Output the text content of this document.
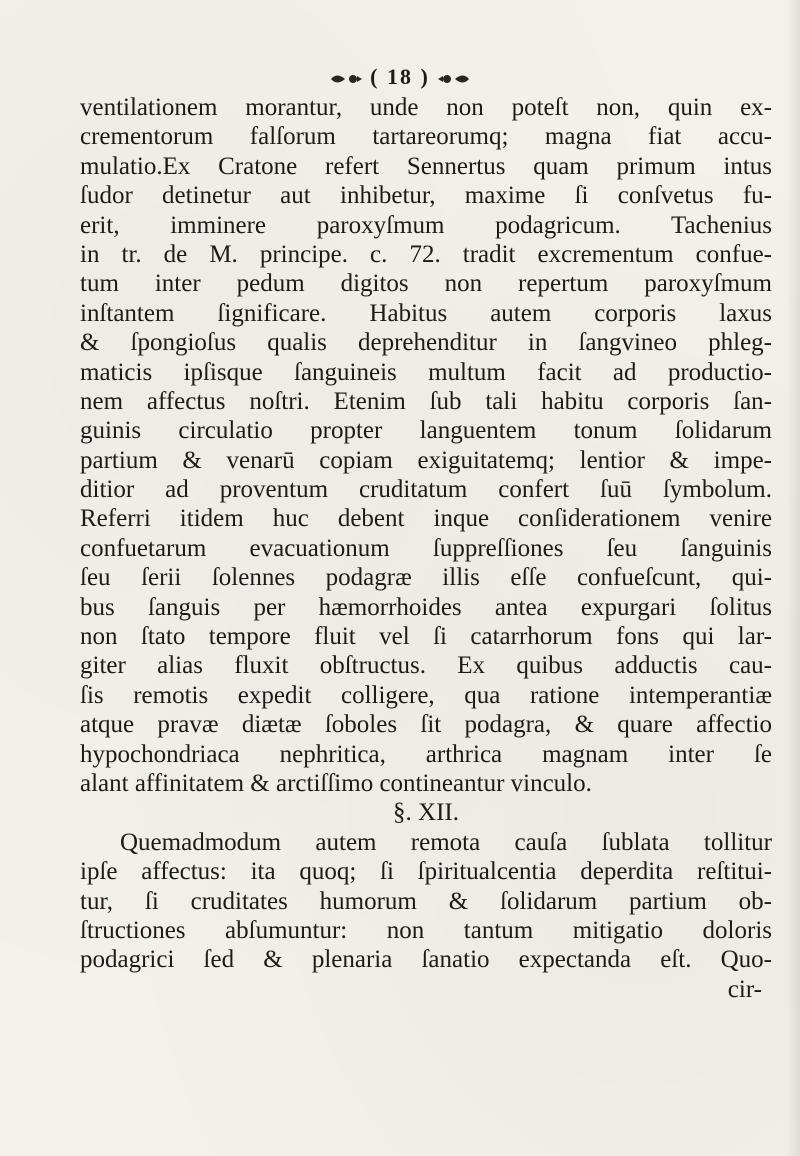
( 18 )
ventilationem morantur, unde non poteſt non, quin ex-
crementorum falſorum tartareorumq; magna fiat accu-
mulatio.Ex Cratone refert Sennertus quam primum intus
ſudor detinetur aut inhibetur, maxime ſi conſvetus fu-
erit, imminere paroxyſmum podagricum. Tachenius
in tr. de M. principe. c. 72. tradit excrementum confue-
tum inter pedum digitos non repertum paroxyſmum
inſtantem ſignificare. Habitus autem corporis laxus
& ſpongioſus qualis deprehenditur in ſangvineo phleg-
maticis ipſisque ſanguineis multum facit ad productio-
nem affectus noſtri. Etenim ſub tali habitu corporis ſan-
guinis circulatio propter languentem tonum ſolidarum
partium & venarū copiam exiguitatemq; lentior & impe-
ditior ad proventum cruditatum confert ſuū ſymbolum.
Referri itidem huc debent inque conſiderationem venire
confuetarum evacuationum ſuppreſſiones ſeu ſanguinis
ſeu ſerii ſolennes podagræ illis eſſe confueſcunt, qui-
bus ſanguis per hæmorrhoides antea expurgari ſolitus
non ſtato tempore fluit vel ſi catarrhorum fons qui lar-
giter alias fluxit obſtructus. Ex quibus adductis cau-
ſis remotis expedit colligere, qua ratione intemperantiæ
atque pravæ diætæ ſoboles ſit podagra, & quare affectio
hypochondriaca nephritica, arthrica magnam inter ſe
alant affinitatem & arctiſſimo contineantur vinculo.
§. XII.
Quemadmodum autem remota cauſa ſublata tollitur
ipſe affectus: ita quoq; ſi ſpiritualcentia deperdita reſtitui-
tur, ſi cruditates humorum & ſolidarum partium ob-
ſtructiones abſumuntur: non tantum mitigatio doloris
podagrici ſed & plenaria ſanatio expectanda eſt. Quo-
cir-
